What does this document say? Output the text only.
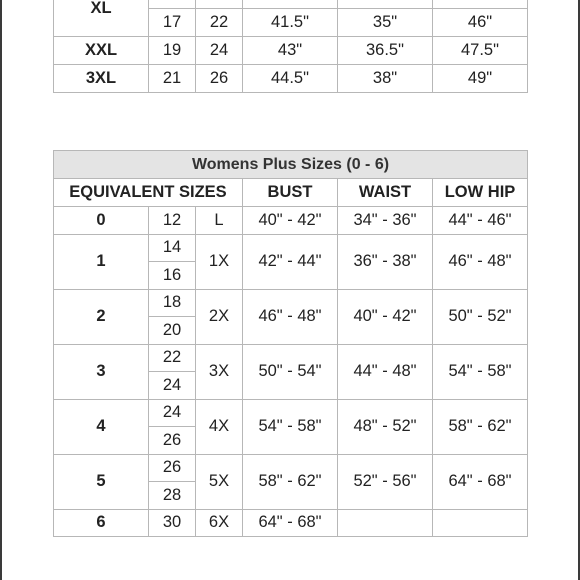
XL					
	17	22	41.5"	35"	46"
XXL	19	24	43"	36.5"	47.5"
3XL	21	26	44.5"	38"	49"
Womens Plus Sizes (0 - 6)					
EQUIVALENT SIZES			BUST	WAIST	LOW HIP
0	12	L	40" - 42"	34" - 36"	44" - 46"
1	14	1X	42" - 44"	36" - 38"	46" - 48"
	16				
2	18	2X	46" - 48"	40" - 42"	50" - 52"
	20				
3	22	3X	50" - 54"	44" - 48"	54" - 58"
	24				
4	24	4X	54" - 58"	48" - 52"	58" - 62"
	26				
5	26	5X	58" - 62"	52" - 56"	64" - 68"
	28				
6	30	6X	64" - 68"		
